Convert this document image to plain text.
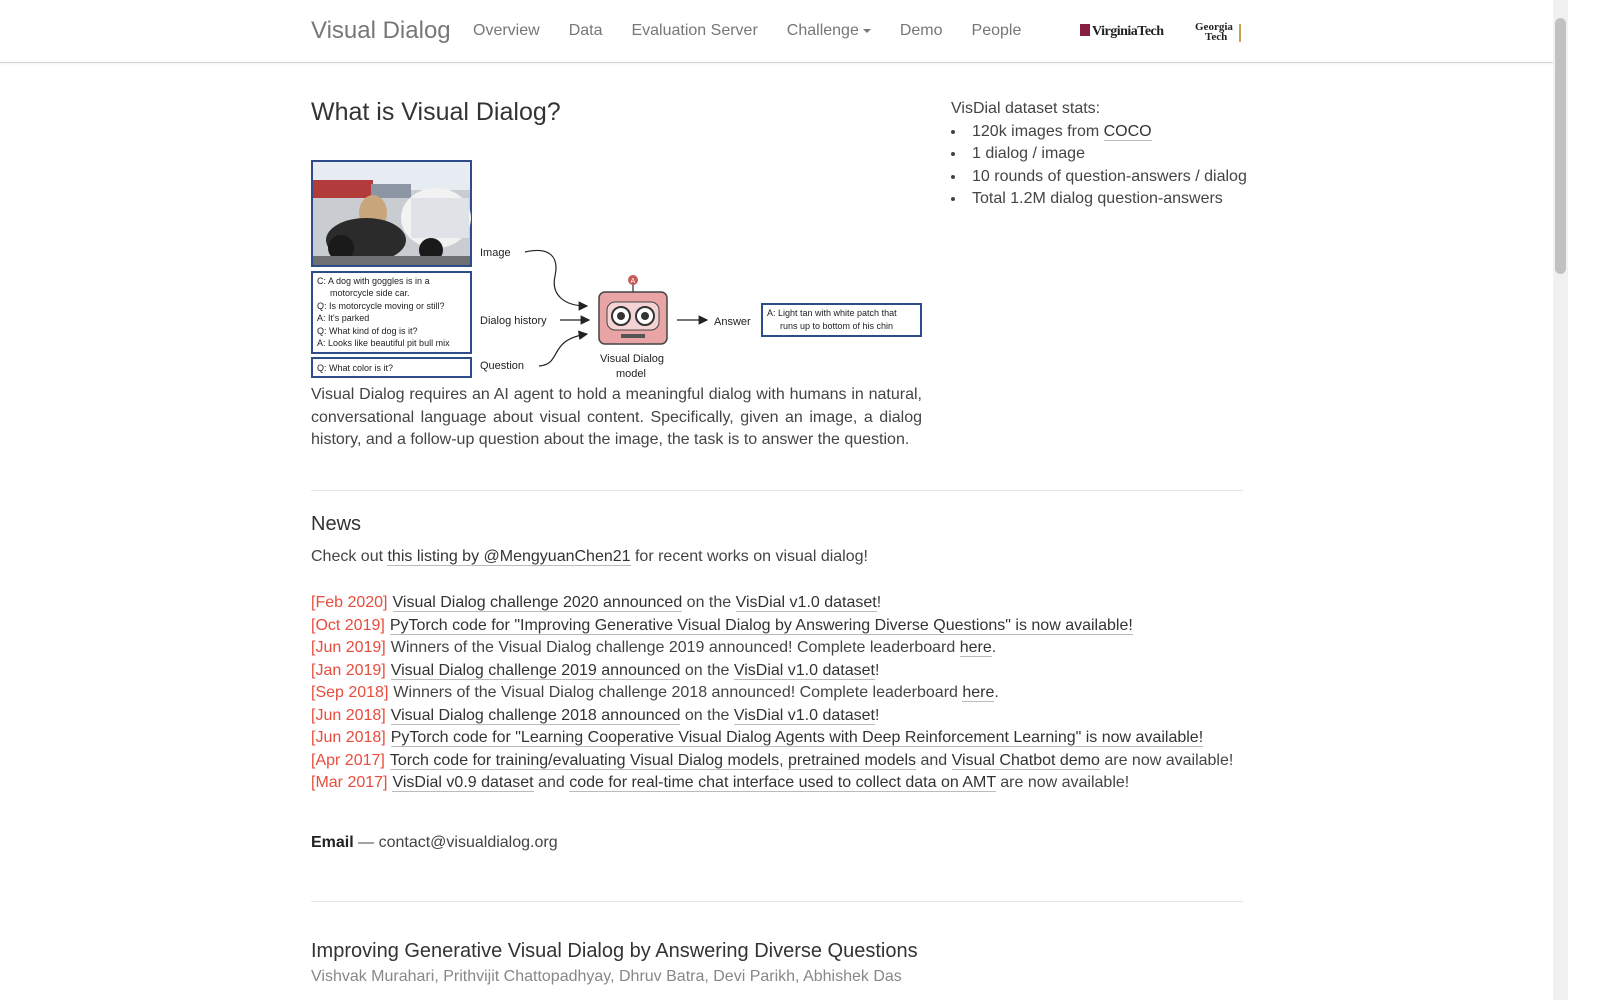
Visual Dialog Overview Data Evaluation Server Challenge	Demo People	VirginiaTech	Georgia
Tech
What is Visual Dialog?
C: A dog with goggles is in a
motorcycle side car.
Q: Is motorcycle moving or still?
A: It's parked
Q: What kind of dog is it?
A: Looks like beautiful pit bull mix
Q: What color is it?
Image
Dialog history
Question
A
Visual Dialog
model
Answer
A: Light tan with white patch that
runs up to bottom of his chin
Visual Dialog requires an AI agent to hold a meaningful dialog with humans in natural, conversational language about visual content. Specifically, given an image, a dialog history, and a follow-up question about the image, the task is to answer the question.
VisDial dataset stats:
• 120k images from COCO
• 1 dialog / image
• 10 rounds of question-answers / dialog
• Total 1.2M dialog question-answers
News
Check out this listing by @MengyuanChen21 for recent works on visual dialog!
[Feb 2020] Visual Dialog challenge 2020 announced on the VisDial v1.0 dataset!
[Oct 2019] PyTorch code for "Improving Generative Visual Dialog by Answering Diverse Questions" is now available!
[Jun 2019] Winners of the Visual Dialog challenge 2019 announced! Complete leaderboard here.
[Jan 2019] Visual Dialog challenge 2019 announced on the VisDial v1.0 dataset!
[Sep 2018] Winners of the Visual Dialog challenge 2018 announced! Complete leaderboard here.
[Jun 2018] Visual Dialog challenge 2018 announced on the VisDial v1.0 dataset!
[Jun 2018] PyTorch code for "Learning Cooperative Visual Dialog Agents with Deep Reinforcement Learning" is now available!
[Apr 2017] Torch code for training/evaluating Visual Dialog models, pretrained models and Visual Chatbot demo are now available!
[Mar 2017] VisDial v0.9 dataset and code for real-time chat interface used to collect data on AMT are now available!
Email — contact@visualdialog.org
Improving Generative Visual Dialog by Answering Diverse Questions
Vishvak Murahari, Prithvijit Chattopadhyay, Dhruv Batra, Devi Parikh, Abhishek Das
